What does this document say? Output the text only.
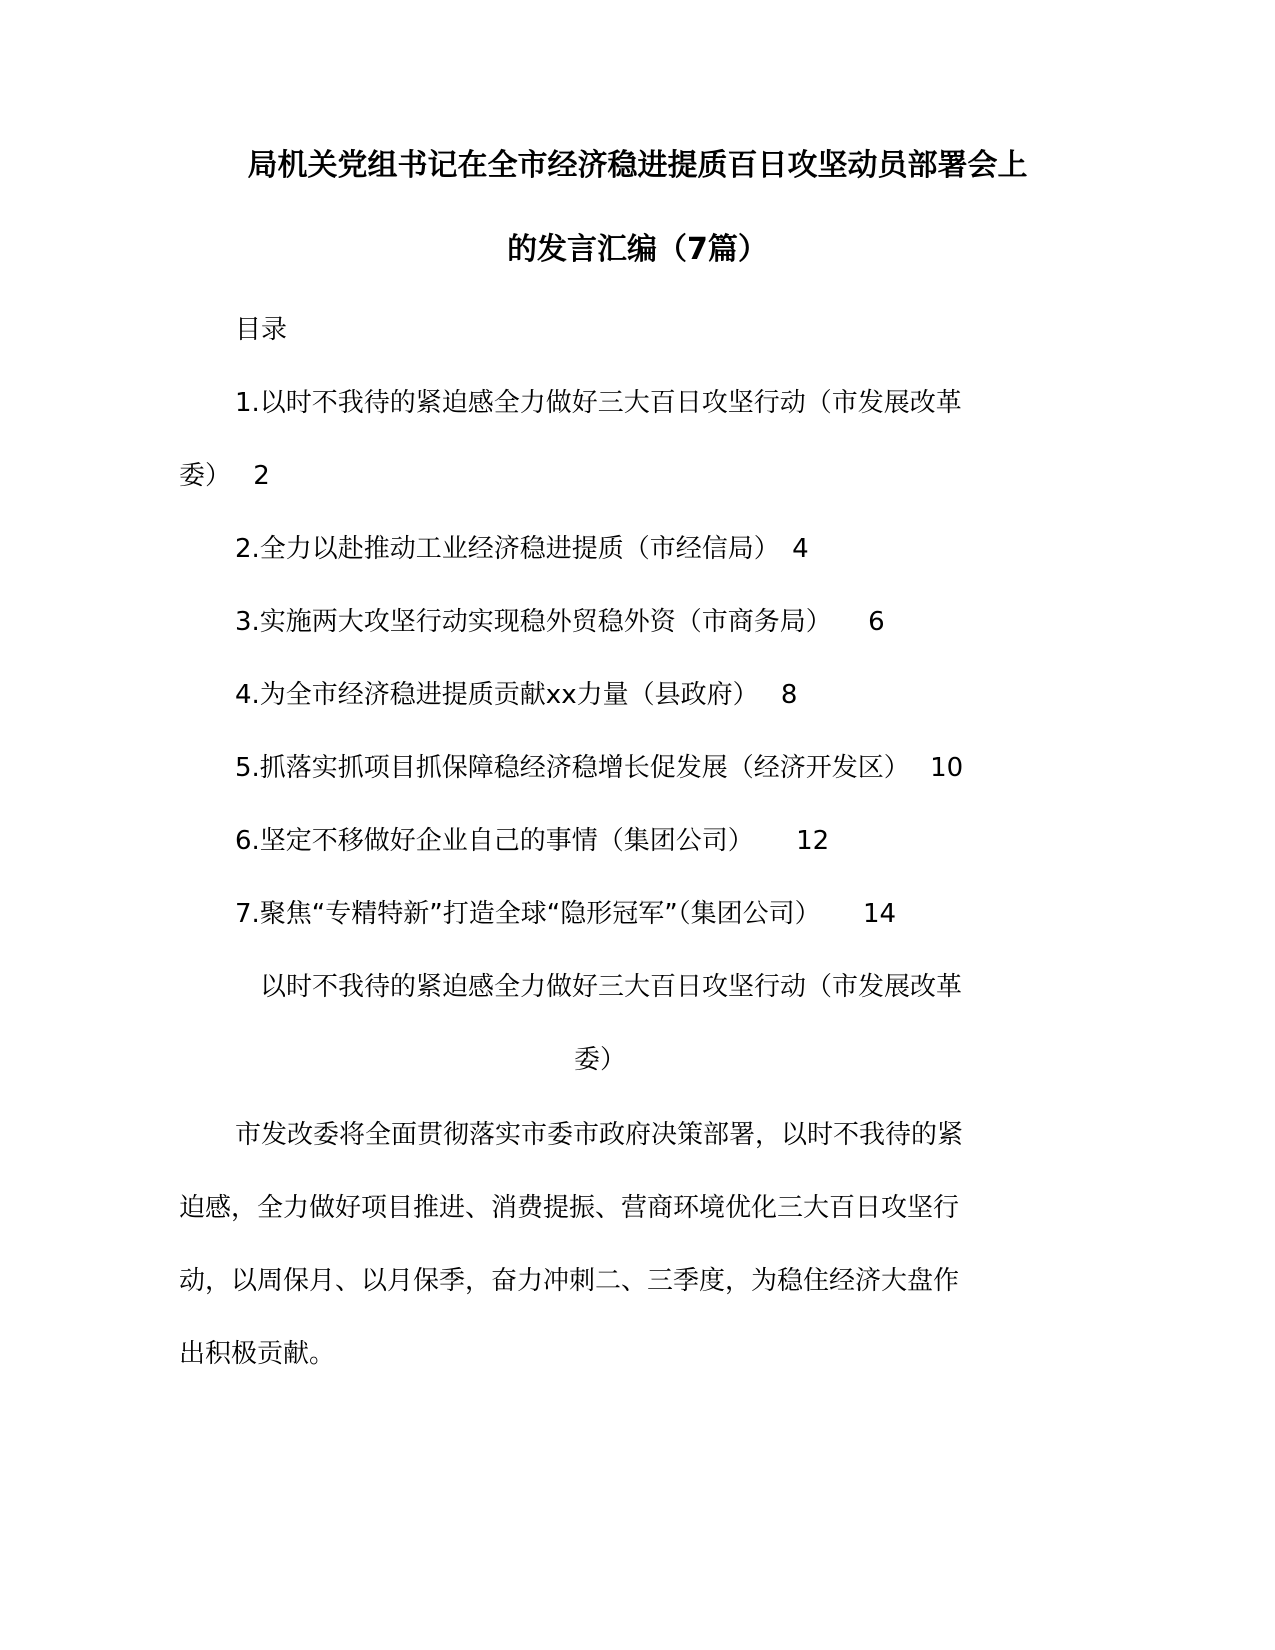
局机关党组书记在全市经济稳进提质百日攻坚动员部署会上
的发言汇编（7篇）
目录
1.以时不我待的紧迫感全力做好三大百日攻坚行动（市发展改革
委） 2
2.全力以赴推动工业经济稳进提质（市经信局） 4
3.实施两大攻坚行动实现稳外贸稳外资（市商务局） 6
4.为全市经济稳进提质贡献xx力量（县政府） 8
5.抓落实抓项目抓保障稳经济稳增长促发展（经济开发区） 10
6.坚定不移做好企业自己的事情（集团公司） 12
7.聚焦“专精特新”打造全球“隐形冠军”（集团公司） 14
以时不我待的紧迫感全力做好三大百日攻坚行动（市发展改革
委）
市发改委将全面贯彻落实市委市政府决策部署，以时不我待的紧
迫感，全力做好项目推进、消费提振、营商环境优化三大百日攻坚行
动，以周保月、以月保季，奋力冲刺二、三季度，为稳住经济大盘作
出积极贡献。
